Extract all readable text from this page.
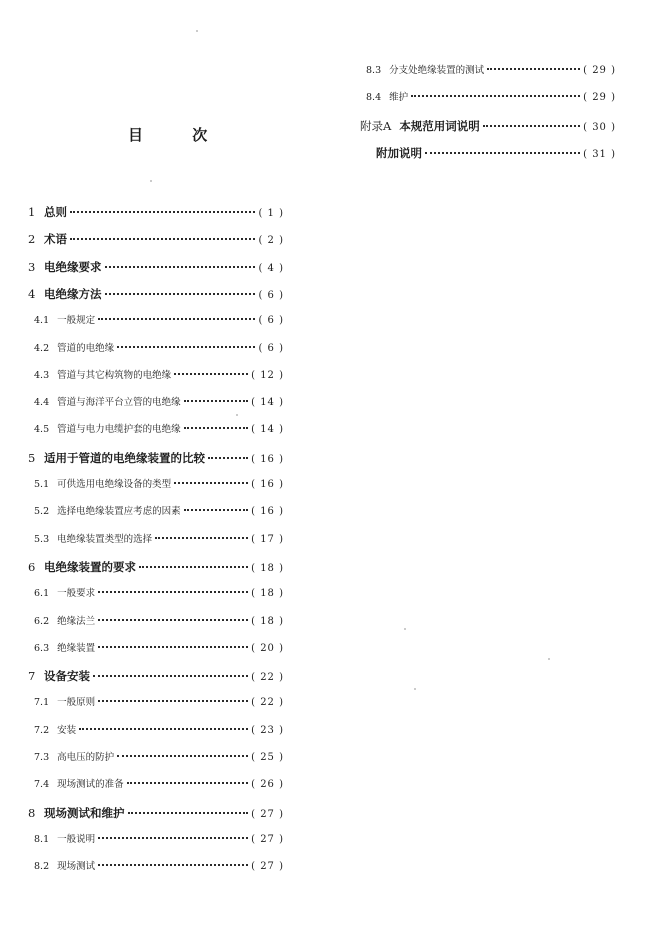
目 次
1 总则	( 1 )
2 术语	( 2 )
3 电绝缘要求	( 4 )
4 电绝缘方法	( 6 )
4.1 一般规定	( 6 )
4.2 管道的电绝缘	( 6 )
4.3 管道与其它构筑物的电绝缘	( 12 )
4.4 管道与海洋平台立管的电绝缘	( 14 )
4.5 管道与电力电缆护套的电绝缘	( 14 )
5 适用于管道的电绝缘装置的比较	( 16 )
5.1 可供选用电绝缘设备的类型	( 16 )
5.2 选择电绝缘装置应考虑的因素	( 16 )
5.3 电绝缘装置类型的选择	( 17 )
6 电绝缘装置的要求	( 18 )
6.1 一般要求	( 18 )
6.2 绝缘法兰	( 18 )
6.3 绝缘装置	( 20 )
7 设备安装	( 22 )
7.1 一般原则	( 22 )
7.2 安装	( 23 )
7.3 高电压的防护	( 25 )
7.4 现场测试的准备	( 26 )
8 现场测试和维护	( 27 )
8.1 一般说明	( 27 )
8.2 现场测试	( 27 )
8.3 分支处绝缘装置的测试	( 29 )
8.4 维护	( 29 )
附录A 本规范用词说明	( 30 )
附加说明	( 31 )
